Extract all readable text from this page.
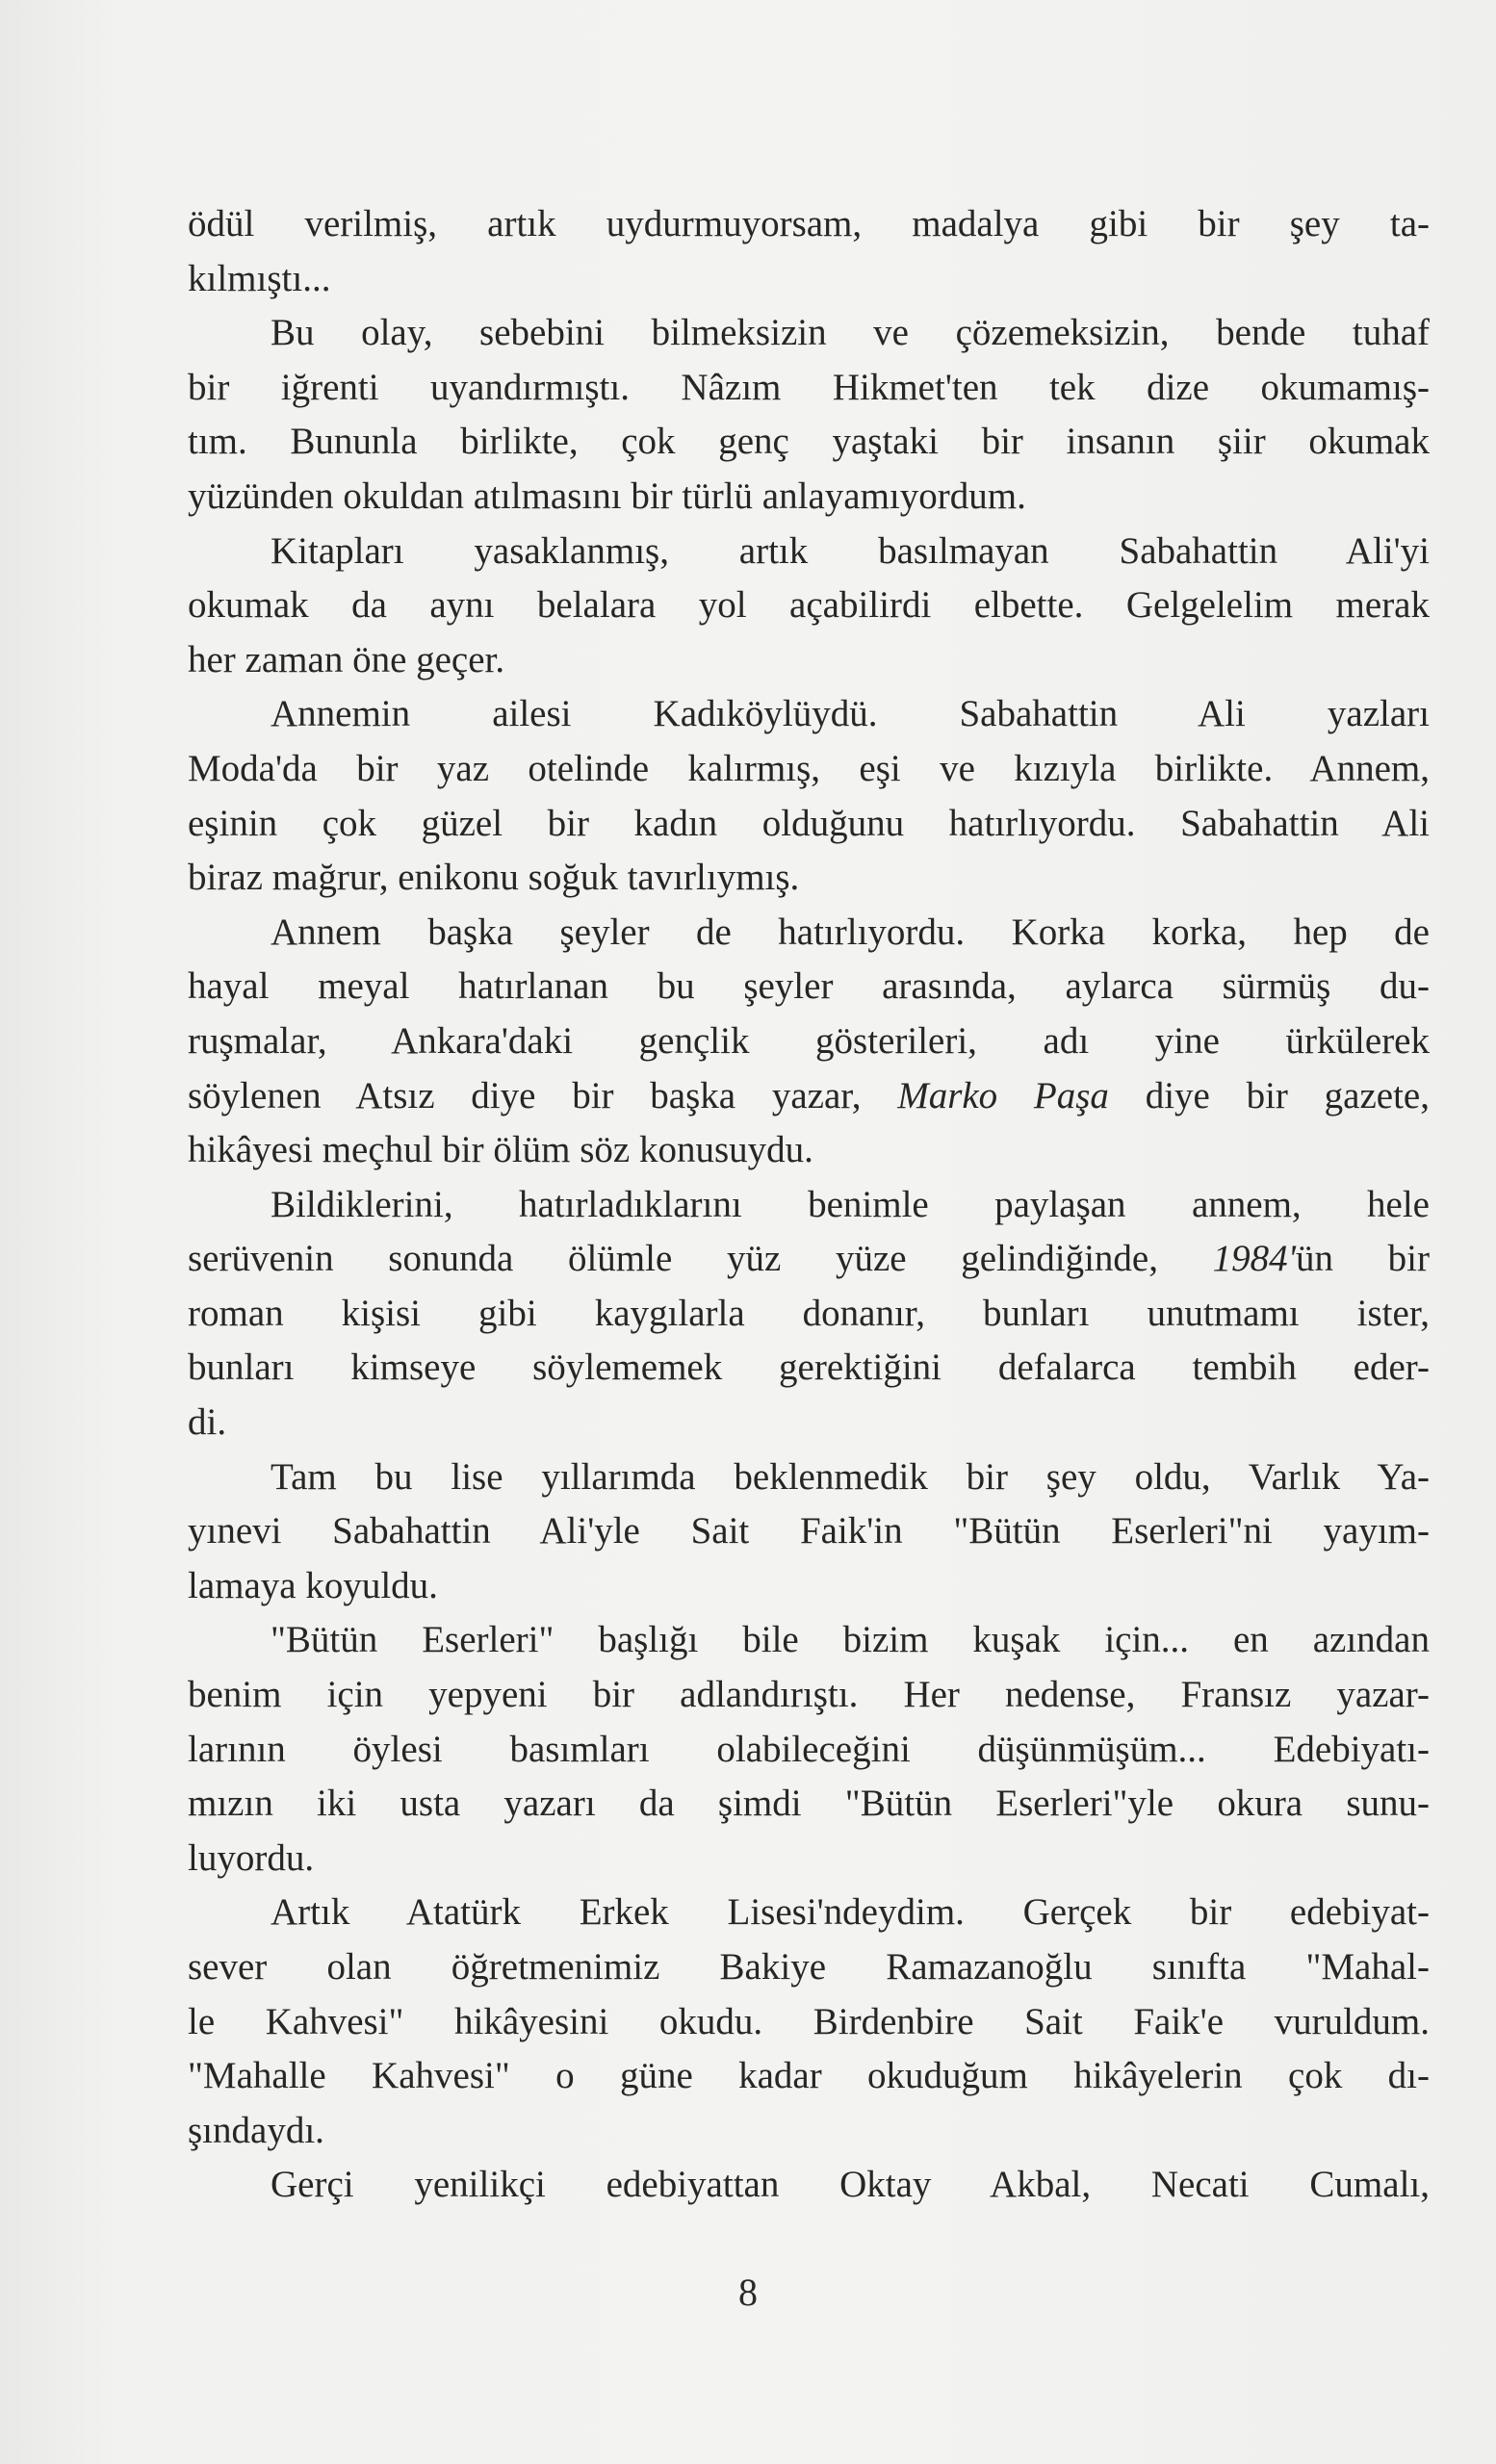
ödül verilmiş, artık uydurmuyorsam, madalya gibi bir şey ta-
kılmıştı...
Bu olay, sebebini bilmeksizin ve çözemeksizin, bende tuhaf
bir iğrenti uyandırmıştı. Nâzım Hikmet'ten tek dize okumamış-
tım. Bununla birlikte, çok genç yaştaki bir insanın şiir okumak
yüzünden okuldan atılmasını bir türlü anlayamıyordum.
Kitapları yasaklanmış, artık basılmayan Sabahattin Ali'yi
okumak da aynı belalara yol açabilirdi elbette. Gelgelelim merak
her zaman öne geçer.
Annemin ailesi Kadıköylüydü. Sabahattin Ali yazları
Moda'da bir yaz otelinde kalırmış, eşi ve kızıyla birlikte. Annem,
eşinin çok güzel bir kadın olduğunu hatırlıyordu. Sabahattin Ali
biraz mağrur, enikonu soğuk tavırlıymış.
Annem başka şeyler de hatırlıyordu. Korka korka, hep de
hayal meyal hatırlanan bu şeyler arasında, aylarca sürmüş du-
ruşmalar, Ankara'daki gençlik gösterileri, adı yine ürkülerek
söylenen Atsız diye bir başka yazar, Marko Paşa diye bir gazete,
hikâyesi meçhul bir ölüm söz konusuydu.
Bildiklerini, hatırladıklarını benimle paylaşan annem, hele
serüvenin sonunda ölümle yüz yüze gelindiğinde, 1984'ün bir
roman kişisi gibi kaygılarla donanır, bunları unutmamı ister,
bunları kimseye söylememek gerektiğini defalarca tembih eder-
di.
Tam bu lise yıllarımda beklenmedik bir şey oldu, Varlık Ya-
yınevi Sabahattin Ali'yle Sait Faik'in "Bütün Eserleri"ni yayım-
lamaya koyuldu.
"Bütün Eserleri" başlığı bile bizim kuşak için... en azından
benim için yepyeni bir adlandırıştı. Her nedense, Fransız yazar-
larının öylesi basımları olabileceğini düşünmüşüm... Edebiyatı-
mızın iki usta yazarı da şimdi "Bütün Eserleri"yle okura sunu-
luyordu.
Artık Atatürk Erkek Lisesi'ndeydim. Gerçek bir edebiyat-
sever olan öğretmenimiz Bakiye Ramazanoğlu sınıfta "Mahal-
le Kahvesi" hikâyesini okudu. Birdenbire Sait Faik'e vuruldum.
"Mahalle Kahvesi" o güne kadar okuduğum hikâyelerin çok dı-
şındaydı.
Gerçi yenilikçi edebiyattan Oktay Akbal, Necati Cumalı,
8
